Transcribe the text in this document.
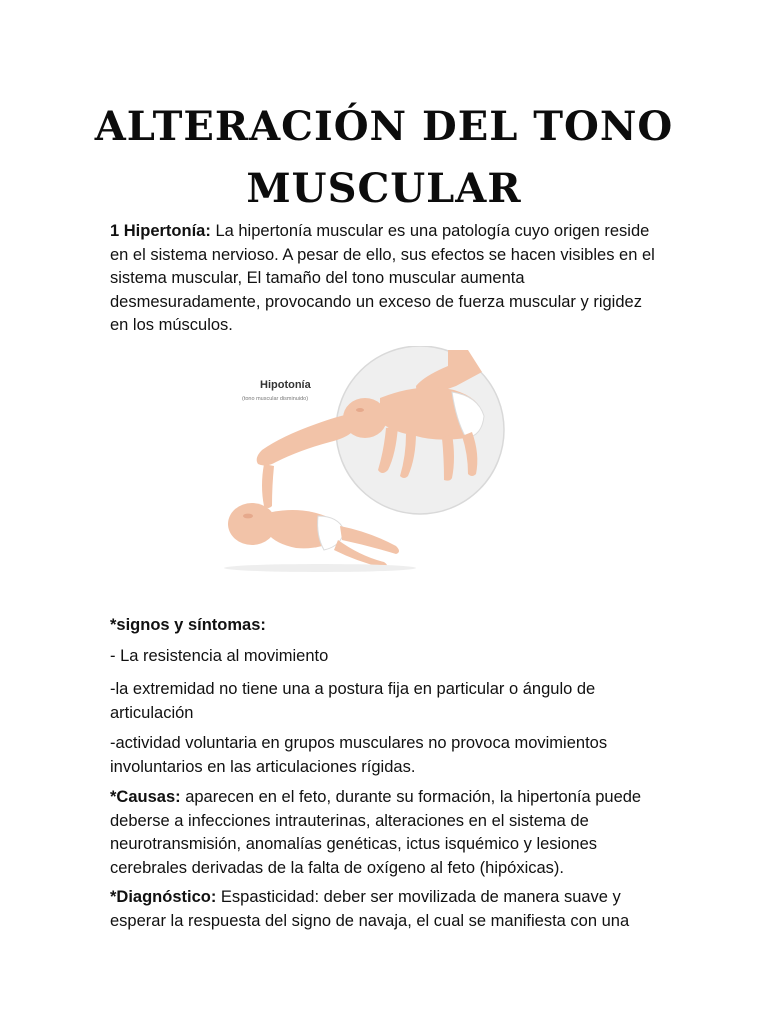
ALTERACIÓN DEL TONO MUSCULAR

1 Hipertonía: La hipertonía muscular es una patología cuyo origen reside en el sistema nervioso. A pesar de ello, sus efectos se hacen visibles en el sistema muscular, El tamaño del tono muscular aumenta desmesuradamente, provocando un exceso de fuerza muscular y rigidez en los músculos.

Hipotonía
(tono muscular disminuido)

*signos y síntomas:

- La resistencia al movimiento

-la extremidad no tiene una a postura fija en particular o ángulo de articulación

-actividad voluntaria en grupos musculares no provoca movimientos involuntarios en las articulaciones rígidas.

*Causas: aparecen en el feto, durante su formación, la hipertonía puede deberse a infecciones intrauterinas, alteraciones en el sistema de neurotransmisión, anomalías genéticas, ictus isquémico y lesiones cerebrales derivadas de la falta de oxígeno al feto (hipóxicas).

*Diagnóstico: Espasticidad: deber ser movilizada de manera suave y esperar la respuesta del signo de navaja, el cual se manifiesta con una
